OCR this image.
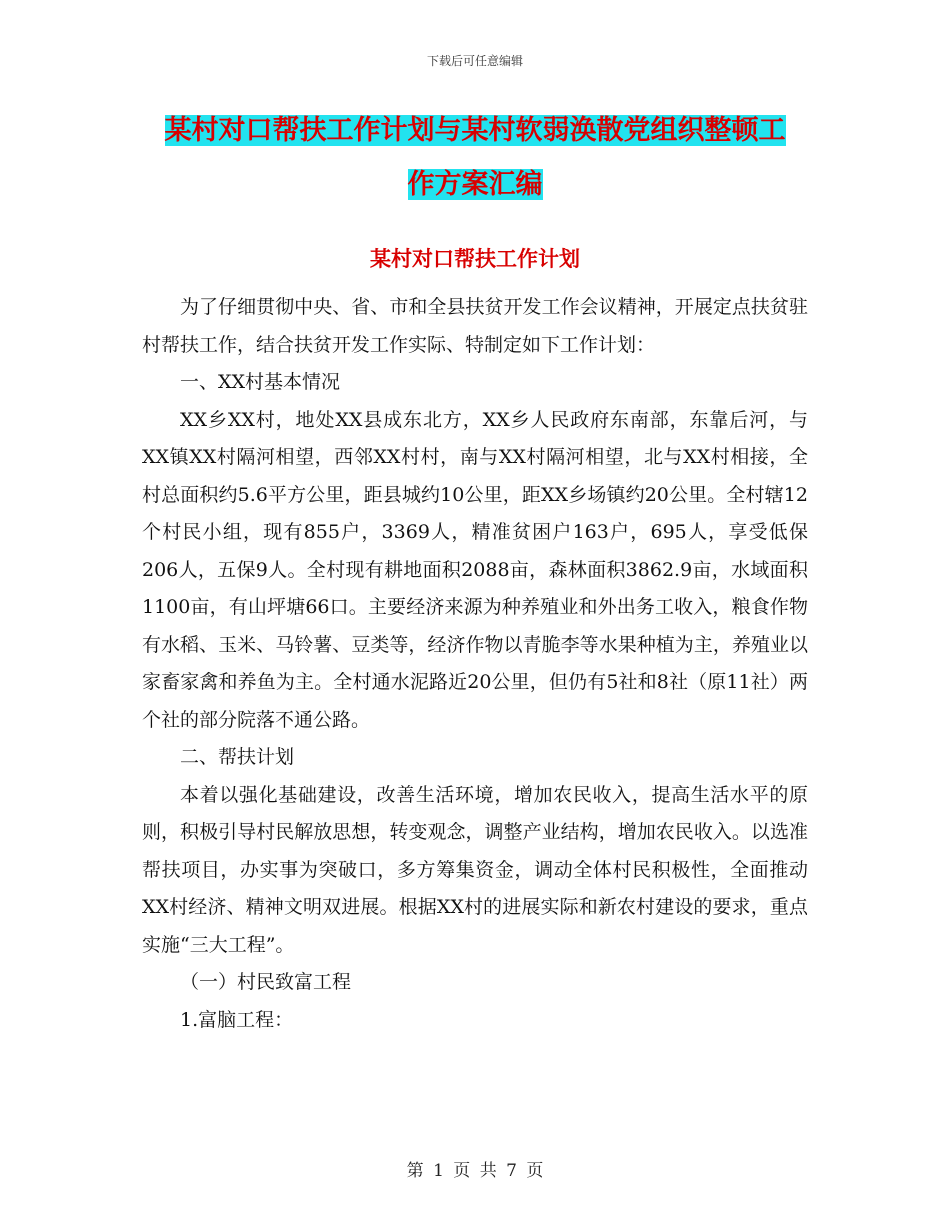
下载后可任意编辑
某村对口帮扶工作计划与某村软弱涣散党组织整顿工
作方案汇编
某村对口帮扶工作计划

为了仔细贯彻中央、省、市和全县扶贫开发工作会议精神，开展定点扶贫驻村帮扶工作，结合扶贫开发工作实际、特制定如下工作计划：

一、XX村基本情况

XX乡XX村，地处XX县成东北方，XX乡人民政府东南部，东靠后河，与XX镇XX村隔河相望，西邻XX村村，南与XX村隔河相望，北与XX村相接，全村总面积约5.6平方公里，距县城约10公里，距XX乡场镇约20公里。全村辖12个村民小组，现有855户，3369人，精准贫困户163户，695人，享受低保206人，五保9人。全村现有耕地面积2088亩，森林面积3862.9亩，水域面积1100亩，有山坪塘66口。主要经济来源为种养殖业和外出务工收入，粮食作物有水稻、玉米、马铃薯、豆类等，经济作物以青脆李等水果种植为主，养殖业以家畜家禽和养鱼为主。全村通水泥路近20公里，但仍有5社和8社（原11社）两个社的部分院落不通公路。

二、帮扶计划

本着以强化基础建设，改善生活环境，增加农民收入，提高生活水平的原则，积极引导村民解放思想，转变观念，调整产业结构，增加农民收入。以选准帮扶项目，办实事为突破口，多方筹集资金，调动全体村民积极性，全面推动XX村经济、精神文明双进展。根据XX村的进展实际和新农村建设的要求，重点实施“三大工程”。

（一）村民致富工程

1.富脑工程：

第 1 页 共 7 页
